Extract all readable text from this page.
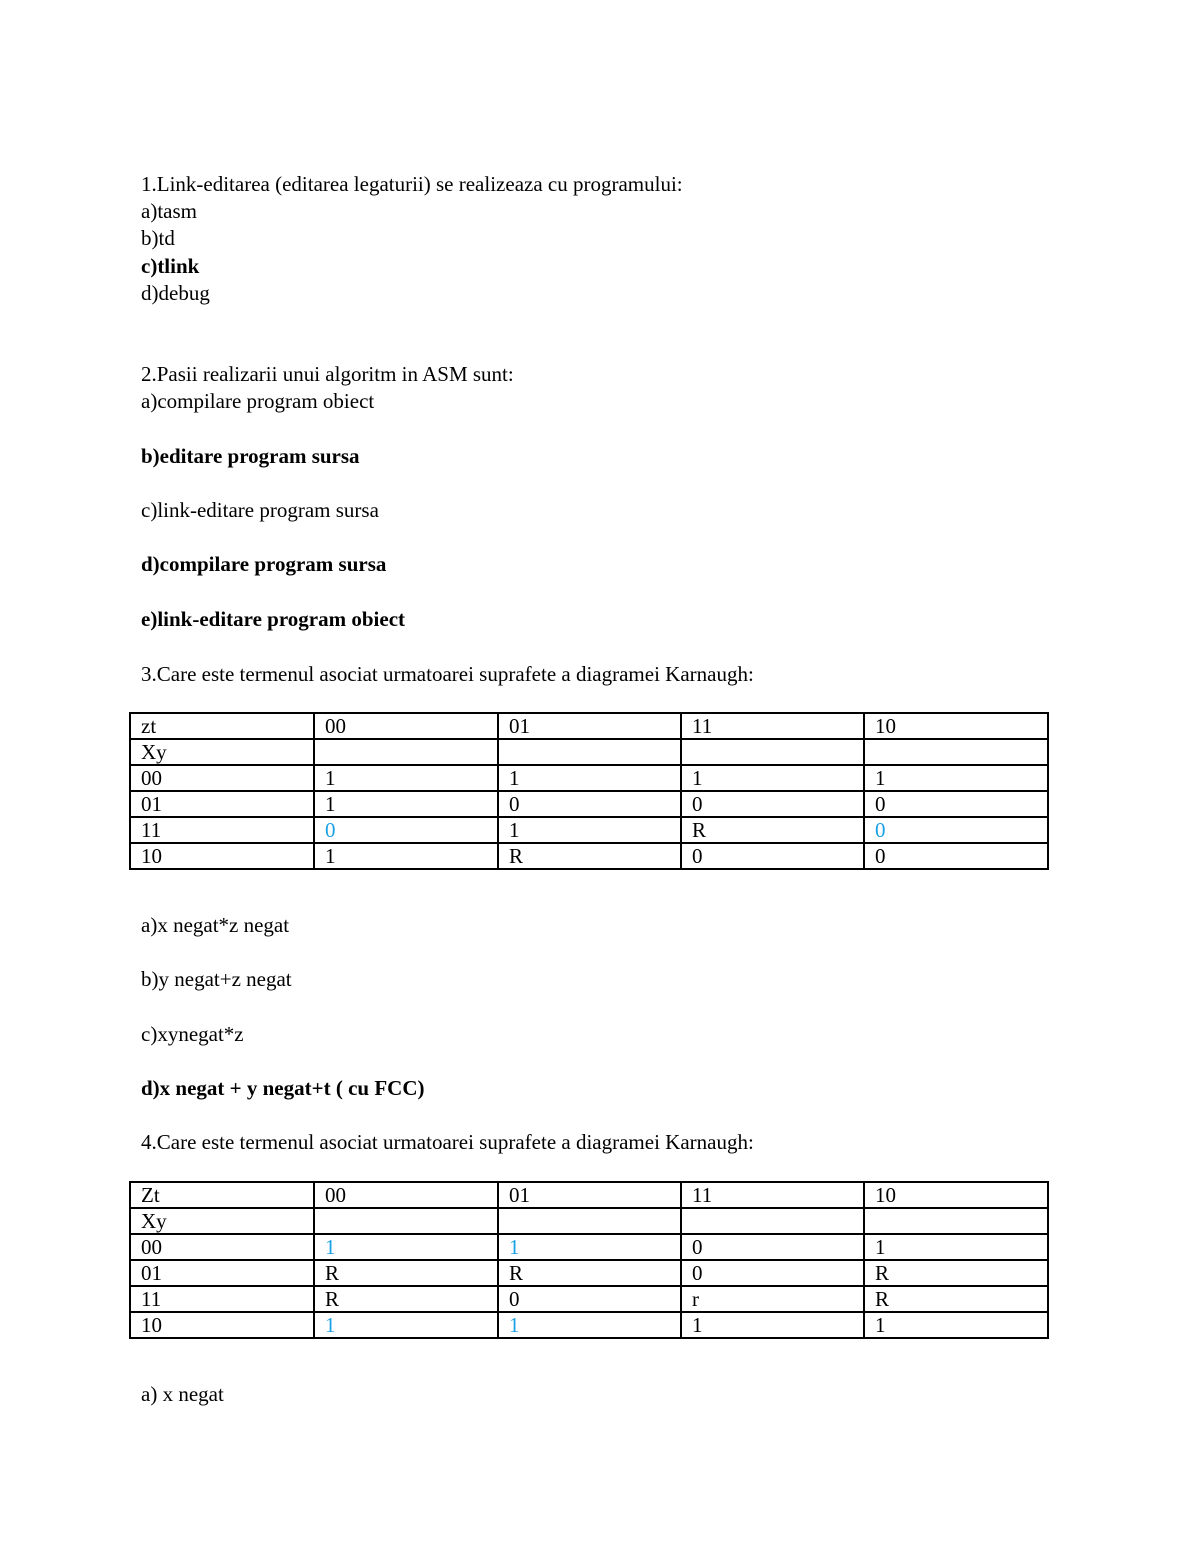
1.Link-editarea (editarea legaturii) se realizeaza cu programului:
a)tasm
b)td
c)tlink
d)debug
2.Pasii realizarii unui algoritm in ASM sunt:
a)compilare program obiect
b)editare program sursa
c)link-editare program sursa
d)compilare program sursa
e)link-editare program obiect
3.Care este termenul asociat urmatoarei suprafete a diagramei Karnaugh:
zt	00	01	11	10
Xy				
00	1	1	1	1
01	1	0	0	0
11	0	1	R	0
10	1	R	0	0
a)x negat*z negat
b)y negat+z negat
c)xynegat*z
d)x negat + y negat+t ( cu FCC)
4.Care este termenul asociat urmatoarei suprafete a diagramei Karnaugh:
Zt	00	01	11	10
Xy				
00	1	1	0	1
01	R	R	0	R
11	R	0	r	R
10	1	1	1	1
a) x negat
